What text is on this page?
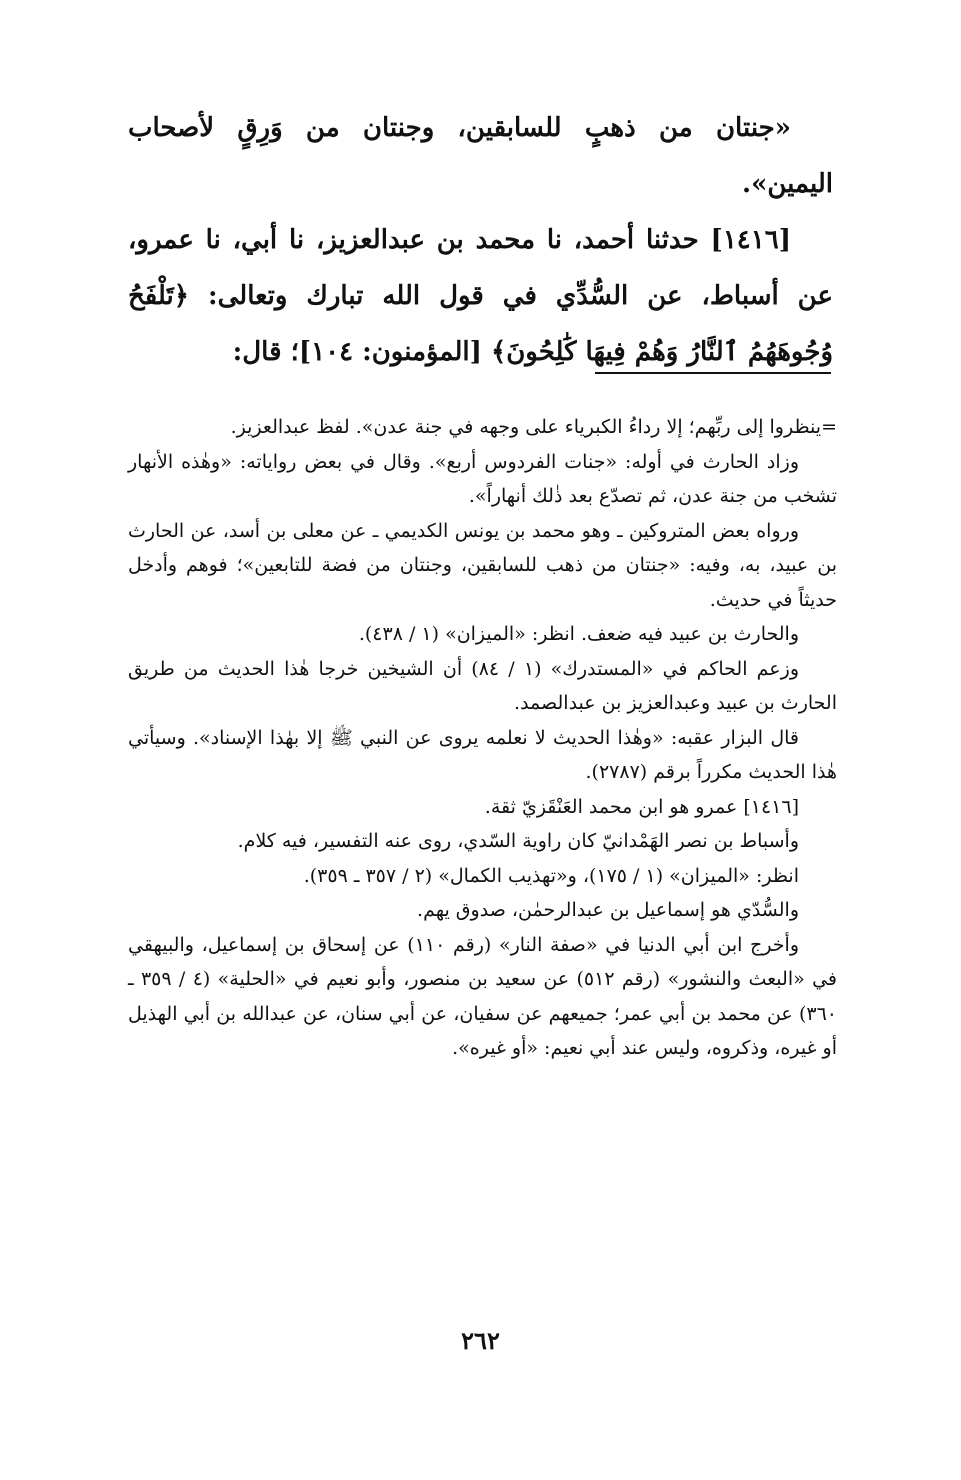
«جنتان من ذهبٍ للسابقين، وجنتان من وَرِقٍ لأصحاب اليمين».

[١٤١٦] حدثنا أحمد، نا محمد بن عبدالعزيز، نا أبي، نا عمرو، عن أسباط، عن السُّدِّي في قول الله تبارك وتعالى: ﴿تَلْفَحُ وُجُوهَهُمُ ٱلنَّارُ وَهُمْ فِيهَا كَٰلِحُونَ﴾ [المؤمنون: ١٠٤]؛ قال:

=ينظروا إلى ربِّهم؛ إلا رداءُ الكبرياء على وجهه في جنة عدن». لفظ عبدالعزيز.

وزاد الحارث في أوله: «جنات الفردوس أربع». وقال في بعض رواياته: «وهٰذه الأنهار تشخب من جنة عدن، ثم تصدّع بعد ذٰلك أنهاراً».

ورواه بعض المتروكين ـ وهو محمد بن يونس الكديمي ـ عن معلى بن أسد، عن الحارث بن عبيد، به، وفيه: «جنتان من ذهب للسابقين، وجنتان من فضة للتابعين»؛ فوهم وأدخل حديثاً في حديث.

والحارث بن عبيد فيه ضعف. انظر: «الميزان» (١ / ٤٣٨).

وزعم الحاكم في «المستدرك» (١ / ٨٤) أن الشيخين خرجا هٰذا الحديث من طريق الحارث بن عبيد وعبدالعزيز بن عبدالصمد.

قال البزار عقبه: «وهٰذا الحديث لا نعلمه يروى عن النبي ﷺ إلا بهٰذا الإسناد». وسيأتي هٰذا الحديث مكرراً برقم (٢٧٨٧).

[١٤١٦] عمرو هو ابن محمد العَنْقَزيّ ثقة.

وأسباط بن نصر الهَمْدانيّ كان راوية السّدي، روى عنه التفسير، فيه كلام.

انظر: «الميزان» (١ / ١٧٥)، و«تهذيب الكمال» (٢ / ٣٥٧ ـ ٣٥٩).

والسُّدّي هو إسماعيل بن عبدالرحمٰن، صدوق يهم.

وأخرج ابن أبي الدنيا في «صفة النار» (رقم ١١٠) عن إسحاق بن إسماعيل، والبيهقي في «البعث والنشور» (رقم ٥١٢) عن سعيد بن منصور، وأبو نعيم في «الحلية» (٤ / ٣٥٩ ـ ٣٦٠) عن محمد بن أبي عمر؛ جميعهم عن سفيان، عن أبي سنان، عن عبدالله بن أبي الهذيل أو غيره، وذكروه، وليس عند أبي نعيم: «أو غيره».

٢٦٢
